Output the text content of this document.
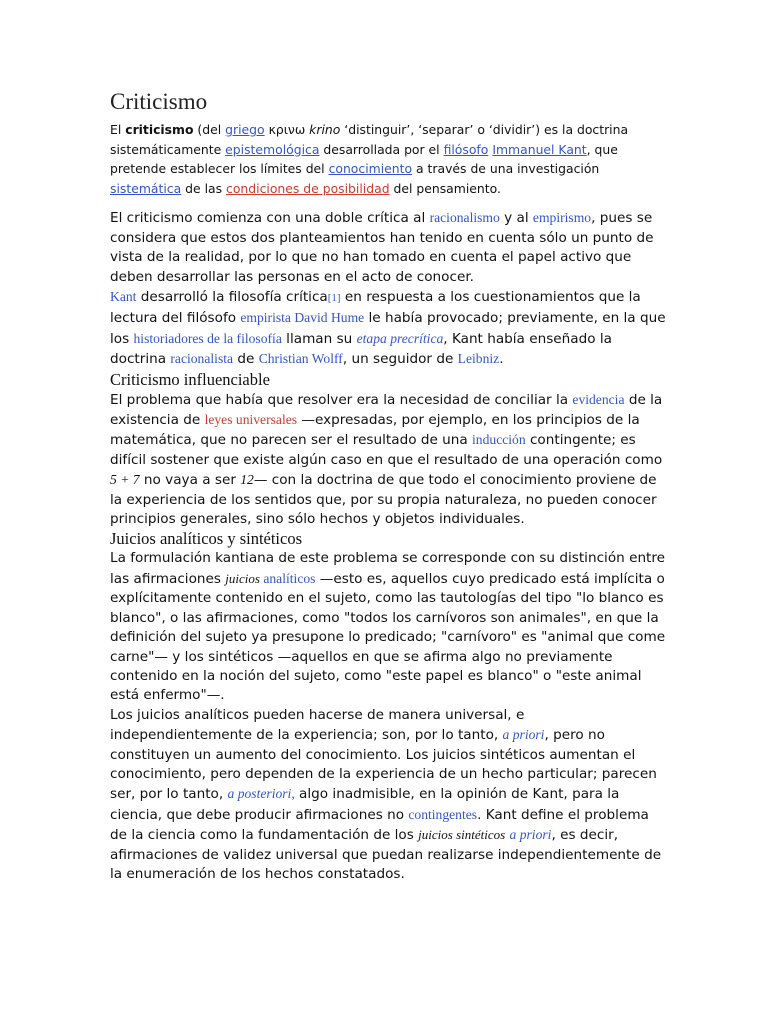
Criticismo

El criticismo (del griego κρινω krino ‘distinguir’, ‘separar’ o ‘dividir’) es la doctrina sistemáticamente epistemológica desarrollada por el filósofo Immanuel Kant, que pretende establecer los límites del conocimiento a través de una investigación sistemática de las condiciones de posibilidad del pensamiento.

El criticismo comienza con una doble crítica al racionalismo y al empirismo, pues se considera que estos dos planteamientos han tenido en cuenta sólo un punto de vista de la realidad, por lo que no han tomado en cuenta el papel activo que deben desarrollar las personas en el acto de conocer.

Kant desarrolló la filosofía crítica[1] en respuesta a los cuestionamientos que la lectura del filósofo empirista David Hume le había provocado; previamente, en la que los historiadores de la filosofía llaman su etapa precrítica, Kant había enseñado la doctrina racionalista de Christian Wolff, un seguidor de Leibniz.

Criticismo influenciable

El problema que había que resolver era la necesidad de conciliar la evidencia de la existencia de leyes universales —expresadas, por ejemplo, en los principios de la matemática, que no parecen ser el resultado de una inducción contingente; es difícil sostener que existe algún caso en que el resultado de una operación como 5 + 7 no vaya a ser 12— con la doctrina de que todo el conocimiento proviene de la experiencia de los sentidos que, por su propia naturaleza, no pueden conocer principios generales, sino sólo hechos y objetos individuales.

Juicios analíticos y sintéticos

La formulación kantiana de este problema se corresponde con su distinción entre las afirmaciones juicios analíticos —esto es, aquellos cuyo predicado está implícita o explícitamente contenido en el sujeto, como las tautologías del tipo "lo blanco es blanco", o las afirmaciones, como "todos los carnívoros son animales", en que la definición del sujeto ya presupone lo predicado; "carnívoro" es "animal que come carne"— y los sintéticos —aquellos en que se afirma algo no previamente contenido en la noción del sujeto, como "este papel es blanco" o "este animal está enfermo"—.

Los juicios analíticos pueden hacerse de manera universal, e independientemente de la experiencia; son, por lo tanto, a priori, pero no constituyen un aumento del conocimiento. Los juicios sintéticos aumentan el conocimiento, pero dependen de la experiencia de un hecho particular; parecen ser, por lo tanto, a posteriori, algo inadmisible, en la opinión de Kant, para la ciencia, que debe producir afirmaciones no contingentes. Kant define el problema de la ciencia como la fundamentación de los juicios sintéticos a priori, es decir, afirmaciones de validez universal que puedan realizarse independientemente de la enumeración de los hechos constatados.
